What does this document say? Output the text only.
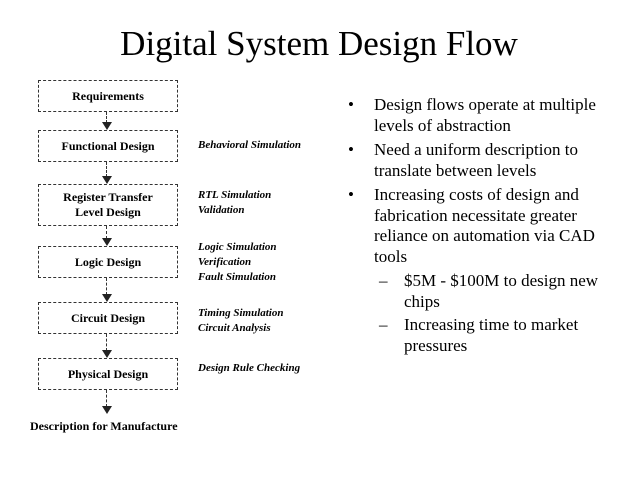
Digital System Design Flow
Requirements
Functional Design
Register Transfer Level Design
Logic Design
Circuit Design
Physical Design
Description for Manufacture
Behavioral Simulation
RTL Simulation
Validation
Logic Simulation
Verification
Fault Simulation
Timing Simulation
Circuit Analysis
Design Rule Checking
• Design flows operate at multiple levels of abstraction
• Need a uniform description to translate between levels
• Increasing costs of design and fabrication necessitate greater reliance on automation via CAD tools
– $5M - $100M to design new chips
– Increasing time to market pressures
